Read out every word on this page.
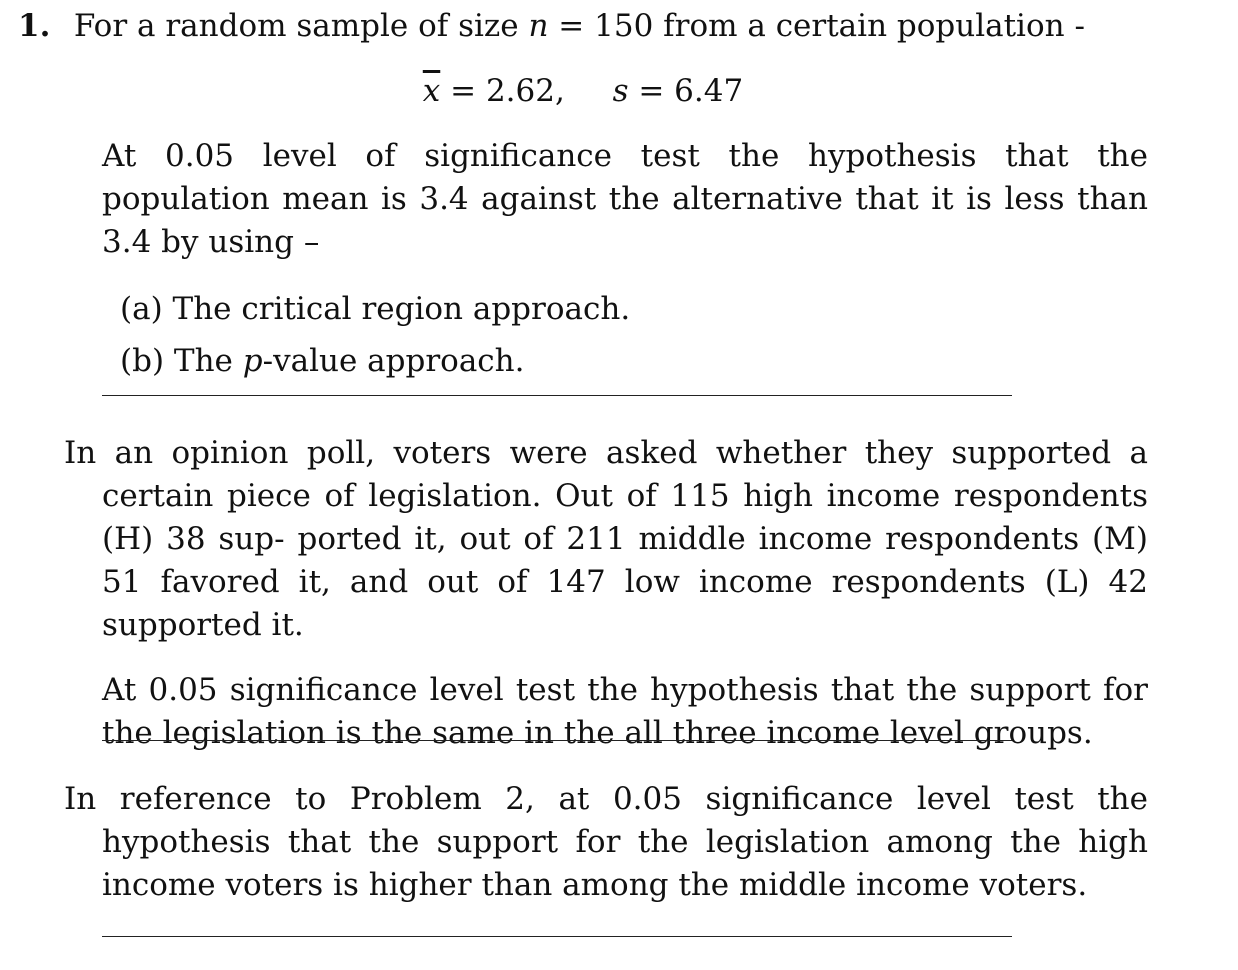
1. For a random sample of size n = 150 from a certain population -
$\overline{x} = 2.62$, s = 6.47
At 0.05 level of significance test the hypothesis that the population mean is 3.4 against the alternative that it is less than 3.4 by using –
(a) The critical region approach.
(b) The p-value approach.
In an opinion poll, voters were asked whether they supported a certain piece of legislation. Out of 115 high income respondents (H) 38 sup- ported it, out of 211 middle income respondents (M) 51 favored it, and out of 147 low income respondents (L) 42 supported it.
At 0.05 significance level test the hypothesis that the support for the legislation is the same in the all three income level groups.
In reference to Problem 2, at 0.05 significance level test the hypothesis that the support for the legislation among the high income voters is higher than among the middle income voters.
